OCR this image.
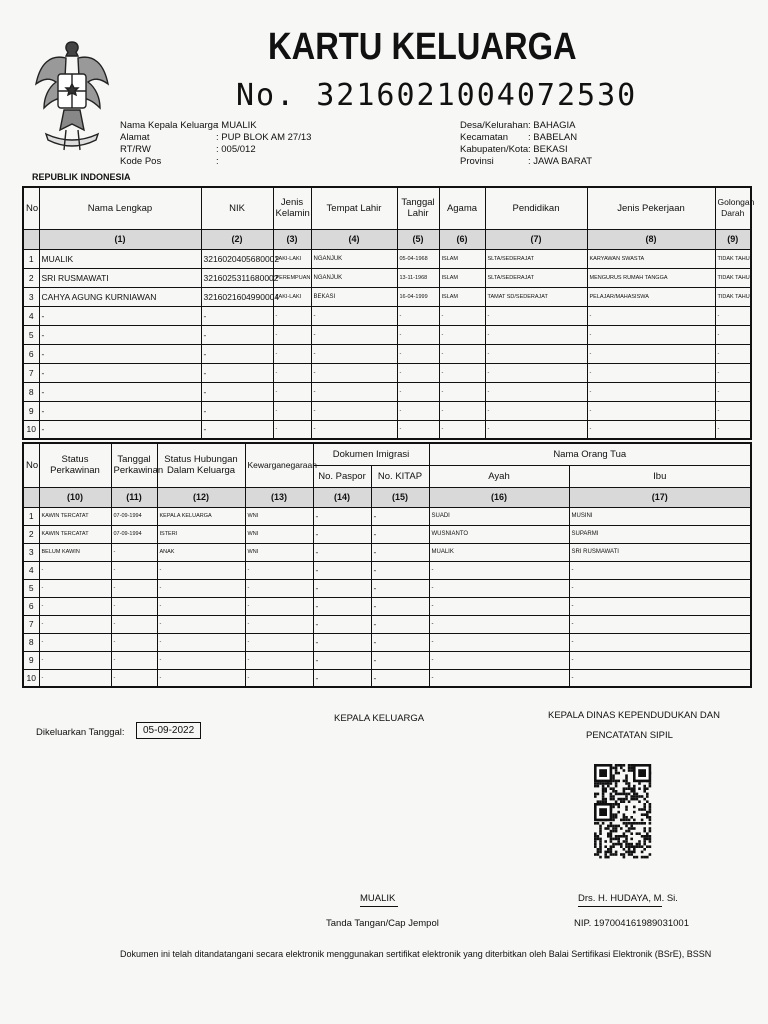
REPUBLIK INDONESIA
KARTU KELUARGA
No. 3216021004072530
Nama Kepala Keluarga: MUALIK
Alamat	: PUP BLOK AM 27/13
RT/RW	: 005/012
Kode Pos	:
Desa/Kelurahan: BAHAGIA
Kecamatan : BABELAN
Kabupaten/Kota: BEKASI
Provinsi	: JAWA BARAT
No	Nama Lengkap	NIK	Jenis Kelamin	Tempat Lahir	Tanggal Lahir	Agama	Pendidikan	Jenis Pekerjaan	Golongan Darah
	(1)	(2)	(3)	(4)	(5)	(6)	(7)	(8)	(9)
1	MUALIK	3216020405680002	LAKI-LAKI	NGANJUK	05-04-1968	ISLAM	SLTA/SEDERAJAT	KARYAWAN SWASTA	TIDAK TAHU
2	SRI RUSMAWATI	3216025311680002	PEREMPUAN	NGANJUK	13-11-1968	ISLAM	SLTA/SEDERAJAT	MENGURUS RUMAH TANGGA	TIDAK TAHU
3	CAHYA AGUNG KURNIAWAN	3216021604990004	LAKI-LAKI	BEKASI	16-04-1999	ISLAM	TAMAT SD/SEDERAJAT	PELAJAR/MAHASISWA	TIDAK TAHU
4	-	-	-	-	-	-	-	-	-
5	-	-	-	-	-	-	-	-	-
6	-	-	-	-	-	-	-	-	-
7	-	-	-	-	-	-	-	-	-
8	-	-	-	-	-	-	-	-	-
9	-	-	-	-	-	-	-	-	-
10	-	-	-	-	-	-	-	-	-
No	Status Perkawinan	Tanggal Perkawinan	Status Hubungan Dalam Keluarga	Kewarganegaraan	Dokumen Imigrasi		Nama Orang Tua	
					No. Paspor	No. KITAP	Ayah	Ibu
	(10)	(11)	(12)	(13)	(14)	(15)	(16)	(17)
1	KAWIN TERCATAT	07-09-1994	KEPALA KELUARGA	WNI	-	-	SUADI	MUSINI
2	KAWIN TERCATAT	07-09-1994	ISTERI	WNI	-	-	WUSNIANTO	SUPARMI
3	BELUM KAWIN	-	ANAK	WNI	-	-	MUALIK	SRI RUSMAWATI
4	-	-	-	-	-	-	-	-
5	-	-	-	-	-	-	-	-
6	-	-	-	-	-	-	-	-
7	-	-	-	-	-	-	-	-
8	-	-	-	-	-	-	-	-
9	-	-	-	-	-	-	-	-
10	-	-	-	-	-	-	-	-
Dikeluarkan Tanggal:	05-09-2022
KEPALA KELUARGA	KEPALA DINAS KEPENDUDUKAN DAN
PENCATATAN SIPIL
MUALIK
Tanda Tangan/Cap Jempol
Drs. H. HUDAYA, M. Si.
NIP. 197004161989031001
Dokumen ini telah ditandatangani secara elektronik menggunakan sertifikat elektronik yang diterbitkan oleh Balai Sertifikasi Elektronik (BSrE), BSSN
